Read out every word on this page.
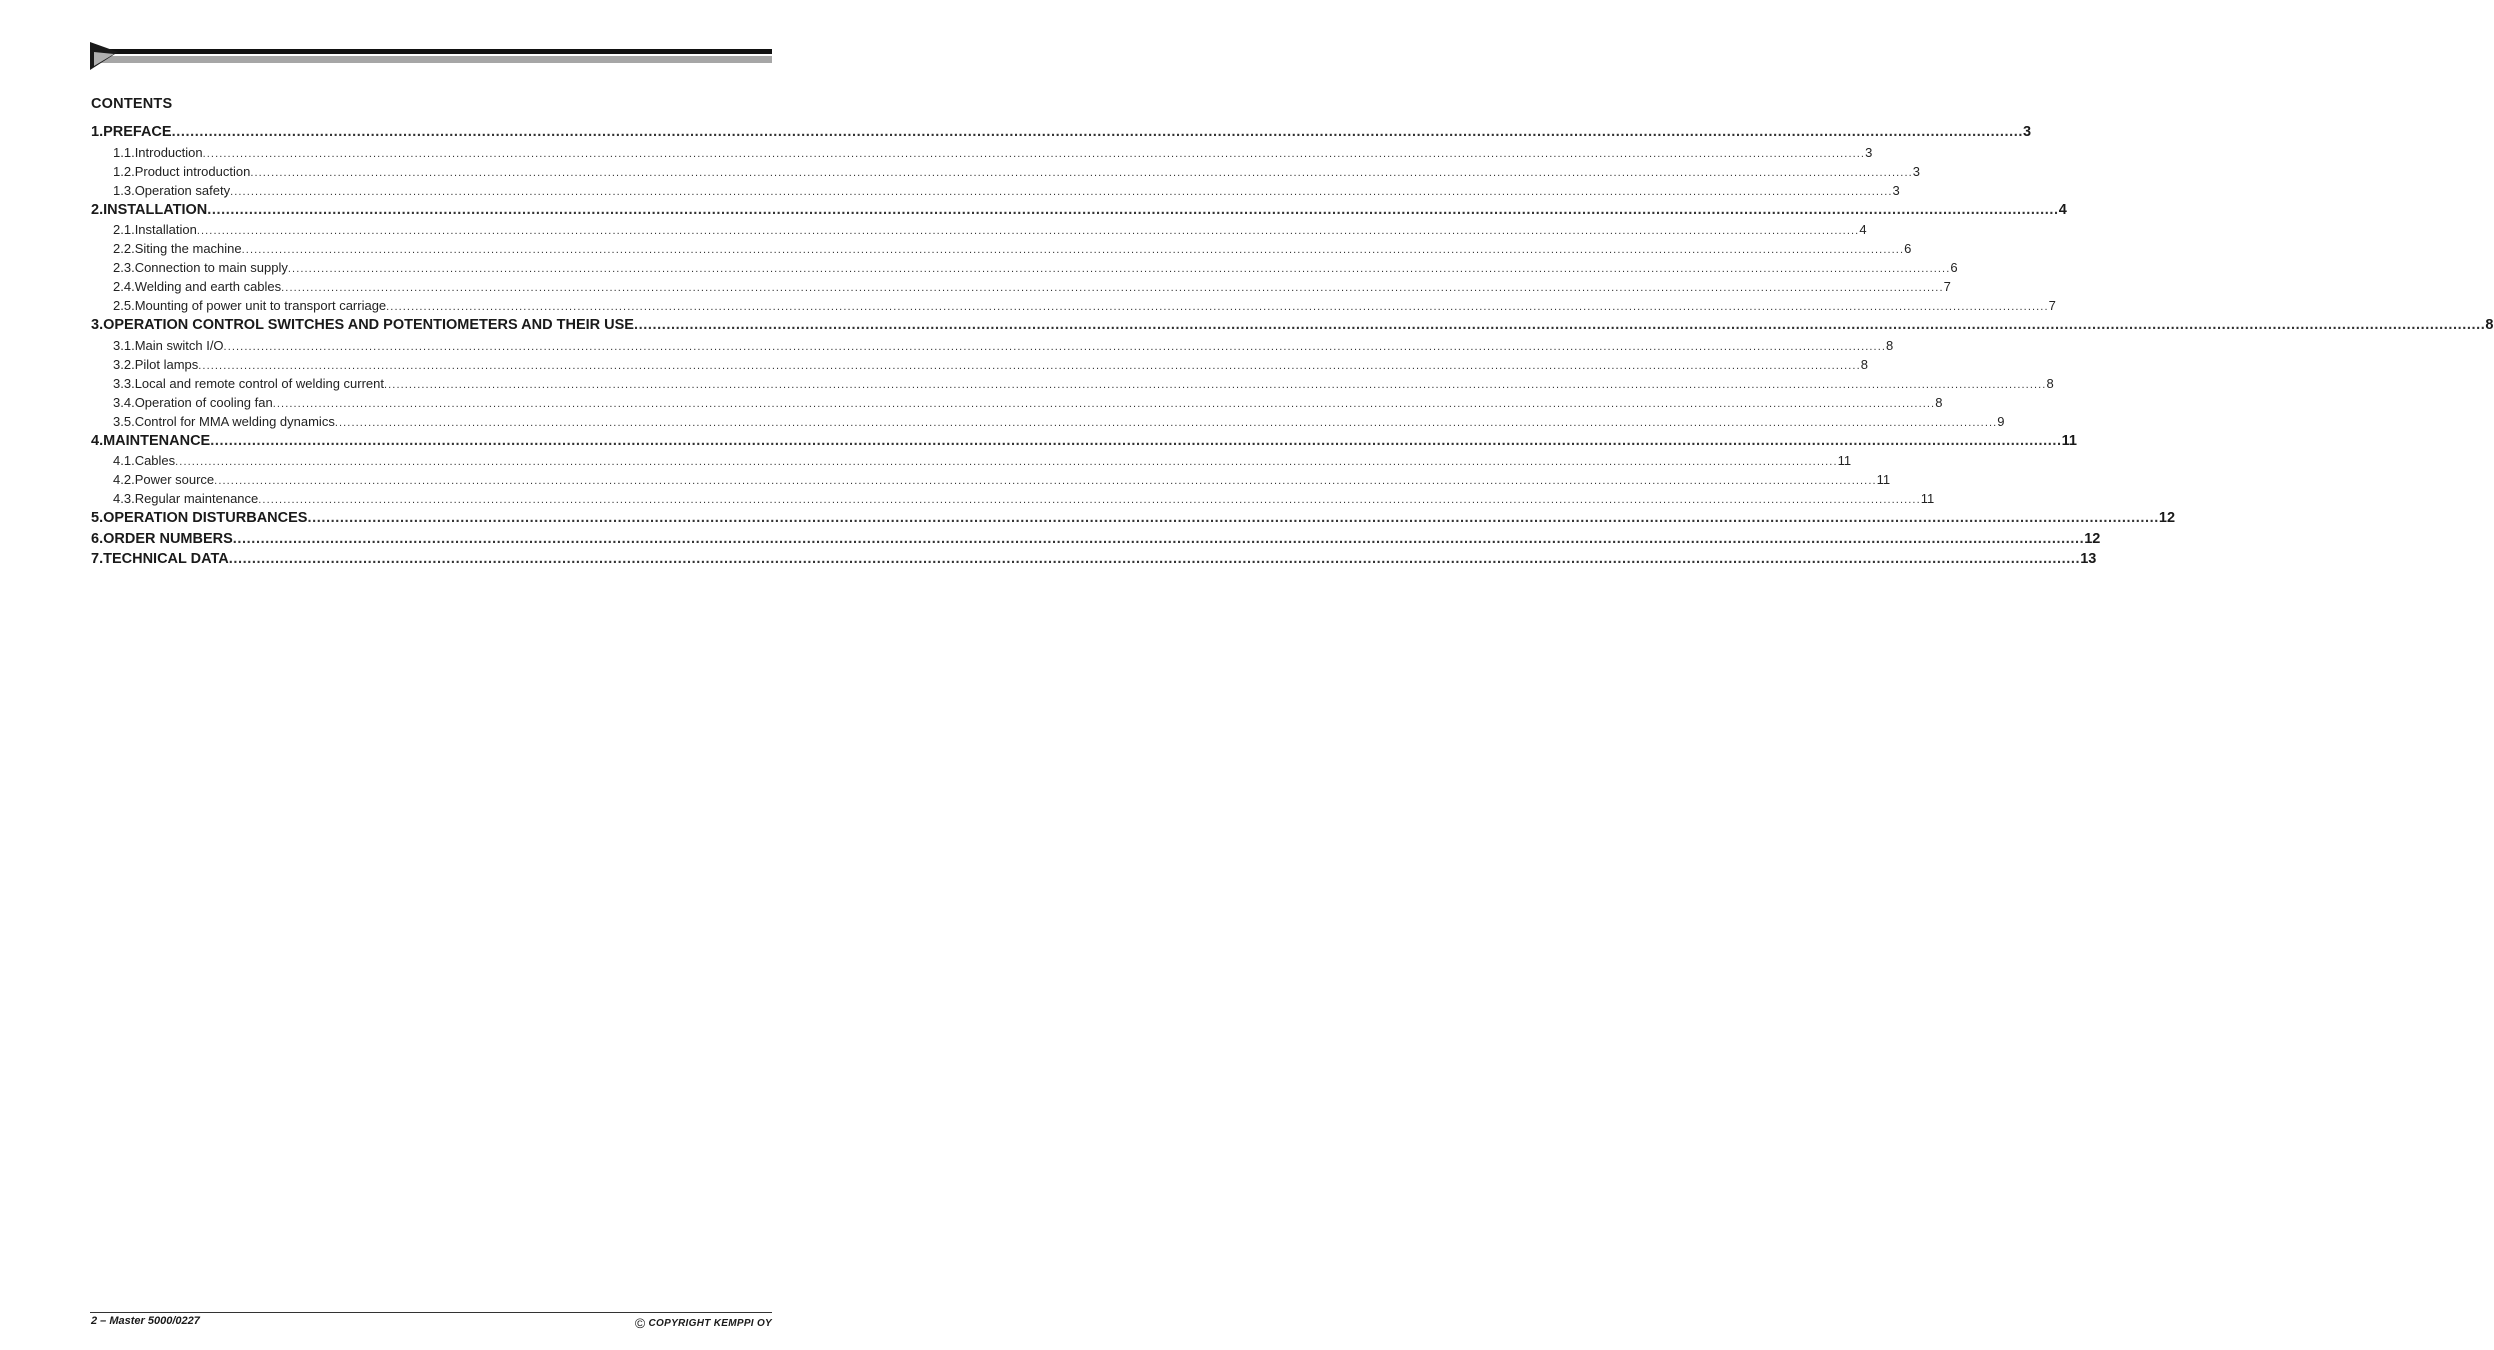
CONTENTS
1. PREFACE ................................................................................................................................................................................................................................................................................................................................................................................................................ 3
1.1. Introduction ................................................................................................................................................................................................................................................................................................................................................................................................................ 3
1.2. Product introduction ................................................................................................................................................................................................................................................................................................................................................................................................................ 3
1.3. Operation safety ................................................................................................................................................................................................................................................................................................................................................................................................................ 3
2. INSTALLATION ................................................................................................................................................................................................................................................................................................................................................................................................................ 4
2.1. Installation ................................................................................................................................................................................................................................................................................................................................................................................................................ 4
2.2. Siting the machine ................................................................................................................................................................................................................................................................................................................................................................................................................ 6
2.3. Connection to main supply ................................................................................................................................................................................................................................................................................................................................................................................................................ 6
2.4. Welding and earth cables ................................................................................................................................................................................................................................................................................................................................................................................................................ 7
2.5. Mounting of power unit to transport carriage ................................................................................................................................................................................................................................................................................................................................................................................................................ 7
3. OPERATION CONTROL SWITCHES AND POTENTIOMETERS AND THEIR USE ................................................................................................................................................................................................................................................................................................................................................................................................................ 8
3.1. Main switch I/O ................................................................................................................................................................................................................................................................................................................................................................................................................ 8
3.2. Pilot lamps ................................................................................................................................................................................................................................................................................................................................................................................................................ 8
3.3. Local and remote control of welding current ................................................................................................................................................................................................................................................................................................................................................................................................................ 8
3.4. Operation of cooling fan ................................................................................................................................................................................................................................................................................................................................................................................................................ 8
3.5. Control for MMA welding dynamics ................................................................................................................................................................................................................................................................................................................................................................................................................ 9
4. MAINTENANCE ................................................................................................................................................................................................................................................................................................................................................................................................................ 11
4.1. Cables ................................................................................................................................................................................................................................................................................................................................................................................................................ 11
4.2. Power source ................................................................................................................................................................................................................................................................................................................................................................................................................ 11
4.3. Regular maintenance ................................................................................................................................................................................................................................................................................................................................................................................................................ 11
5. OPERATION DISTURBANCES ................................................................................................................................................................................................................................................................................................................................................................................................................ 12
6. ORDER NUMBERS ................................................................................................................................................................................................................................................................................................................................................................................................................ 12
7. TECHNICAL DATA ................................................................................................................................................................................................................................................................................................................................................................................................................ 13
2 – Master 5000/0227	© COPYRIGHT KEMPPI OY
